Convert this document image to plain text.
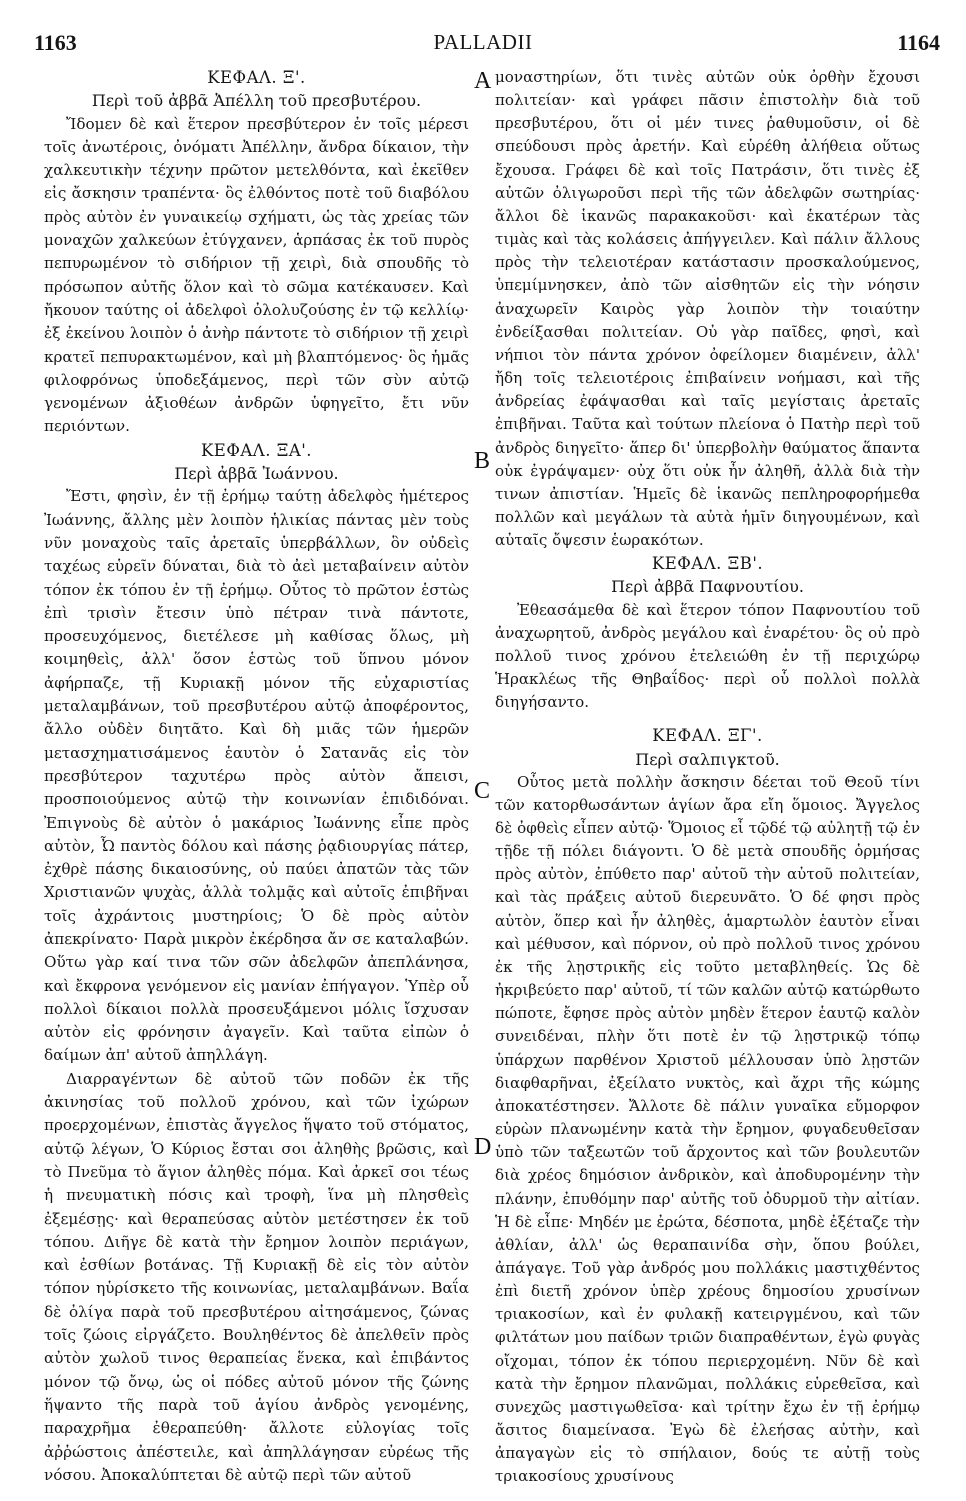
1163	PALLADII	1164
A
B
C
D
ΚΕΦΑΛ. Ξ'.
Περὶ τοῦ ἀββᾶ Ἀπέλλη τοῦ πρεσβυτέρου.

Ἴδομεν δὲ καὶ ἕτερον πρεσβύτερον ἐν τοῖς μέρεσι τοῖς ἀνωτέροις, ὀνόματι Ἀπέλλην, ἄνδρα δίκαιον, τὴν χαλκευτικὴν τέχνην πρῶτον μετελθόντα, καὶ ἐκεῖθεν εἰς ἄσκησιν τραπέντα· ὃς ἐλθόντος ποτὲ τοῦ διαβόλου πρὸς αὐτὸν ἐν γυναικείῳ σχήματι, ὡς τὰς χρείας τῶν μοναχῶν χαλκεύων ἐτύγχανεν, ἁρπάσας ἐκ τοῦ πυρὸς πεπυρωμένον τὸ σιδήριον τῇ χειρὶ, διὰ σπουδῆς τὸ πρόσωπον αὐτῆς ὅλον καὶ τὸ σῶμα κατέκαυσεν. Καὶ ἤκουον ταύτης οἱ ἀδελφοὶ ὀλολυζούσης ἐν τῷ κελλίῳ· ἐξ ἐκείνου λοιπὸν ὁ ἀνὴρ πάντοτε τὸ σιδήριον τῇ χειρὶ κρατεῖ πεπυρακτωμένον, καὶ μὴ βλαπτόμενος· ὃς ἡμᾶς φιλοφρόνως ὑποδεξάμενος, περὶ τῶν σὺν αὐτῷ γενομένων ἀξιοθέων ἀνδρῶν ὑφηγεῖτο, ἔτι νῦν περιόντων.

ΚΕΦΑΛ. ΞΑ'.
Περὶ ἀββᾶ Ἰωάννου.

Ἔστι, φησὶν, ἐν τῇ ἐρήμῳ ταύτῃ ἀδελφὸς ἡμέτερος Ἰωάννης, ἄλλης μὲν λοιπὸν ἡλικίας πάντας μὲν τοὺς νῦν μοναχοὺς ταῖς ἀρεταῖς ὑπερβάλλων, ὃν οὐδεὶς ταχέως εὑρεῖν δύναται, διὰ τὸ ἀεὶ μεταβαίνειν αὐτὸν τόπον ἐκ τόπου ἐν τῇ ἐρήμῳ. Οὗτος τὸ πρῶτον ἑστὼς ἐπὶ τρισὶν ἔτεσιν ὑπὸ πέτραν τινὰ πάντοτε, προσευχόμενος, διετέλεσε μὴ καθίσας ὅλως, μὴ κοιμηθεὶς, ἀλλ' ὅσον ἑστὼς τοῦ ὕπνου μόνον ἀφήρπαζε, τῇ Κυριακῇ μόνον τῆς εὐχαριστίας μεταλαμβάνων, τοῦ πρεσβυτέρου αὐτῷ ἀποφέροντος, ἄλλο οὐδὲν διητᾶτο. Καὶ δὴ μιᾶς τῶν ἡμερῶν μετασχηματισάμενος ἑαυτὸν ὁ Σατανᾶς εἰς τὸν πρεσβύτερον ταχυτέρω πρὸς αὐτὸν ἄπεισι, προσποιούμενος αὐτῷ τὴν κοινωνίαν ἐπιδιδόναι. Ἐπιγνοὺς δὲ αὐτὸν ὁ μακάριος Ἰωάννης εἶπε πρὸς αὐτὸν, Ὦ παντὸς δόλου καὶ πάσης ῥᾳδιουργίας πάτερ, ἐχθρὲ πάσης δικαιοσύνης, οὐ παύει ἀπατῶν τὰς τῶν Χριστιανῶν ψυχὰς, ἀλλὰ τολμᾷς καὶ αὐτοῖς ἐπιβῆναι τοῖς ἀχράντοις μυστηρίοις; Ὁ δὲ πρὸς αὐτὸν ἀπεκρίνατο· Παρὰ μικρὸν ἐκέρδησα ἄν σε καταλαβών. Οὕτω γὰρ καί τινα τῶν σῶν ἀδελφῶν ἀπεπλάνησα, καὶ ἔκφρονα γενόμενον εἰς μανίαν ἐπήγαγον. Ὑπὲρ οὗ πολλοὶ δίκαιοι πολλὰ προσευξάμενοι μόλις ἴσχυσαν αὐτὸν εἰς φρόνησιν ἀγαγεῖν. Καὶ ταῦτα εἰπὼν ὁ δαίμων ἀπ' αὐτοῦ ἀπηλλάγη.

Διαρραγέντων δὲ αὐτοῦ τῶν ποδῶν ἐκ τῆς ἀκινησίας τοῦ πολλοῦ χρόνου, καὶ τῶν ἰχώρων προερχομένων, ἐπιστὰς ἄγγελος ἥψατο τοῦ στόματος, αὐτῷ λέγων, Ὁ Κύριος ἔσται σοι ἀληθὴς βρῶσις, καὶ τὸ Πνεῦμα τὸ ἅγιον ἀληθὲς πόμα. Καὶ ἀρκεῖ σοι τέως ἡ πνευματικὴ πόσις καὶ τροφὴ, ἵνα μὴ πλησθεὶς ἐξεμέσῃς· καὶ θεραπεύσας αὐτὸν μετέστησεν ἐκ τοῦ τόπου. Διῆγε δὲ κατὰ τὴν ἔρημον λοιπὸν περιάγων, καὶ ἐσθίων βοτάνας. Τῇ Κυριακῇ δὲ εἰς τὸν αὐτὸν τόπον ηὑρίσκετο τῆς κοινωνίας, μεταλαμβάνων. Βαΐα δὲ ὀλίγα παρὰ τοῦ πρεσβυτέρου αἰτησάμενος, ζώνας τοῖς ζώοις εἰργάζετο. Βουληθέντος δὲ ἀπελθεῖν πρὸς αὐτὸν χωλοῦ τινος θεραπείας ἕνεκα, καὶ ἐπιβάντος μόνον τῷ ὄνῳ, ὡς οἱ πόδες αὐτοῦ μόνον τῆς ζώνης ἥψαντο τῆς παρὰ τοῦ ἁγίου ἀνδρὸς γενομένης, παραχρῆμα ἐθεραπεύθη· ἄλλοτε εὐλογίας τοῖς ἀῤῥώστοις ἀπέστειλε, καὶ ἀπηλλάγησαν εὐρέως τῆς νόσου. Ἀποκαλύπτεται δὲ αὐτῷ περὶ τῶν αὐτοῦ

μοναστηρίων, ὅτι τινὲς αὐτῶν οὐκ ὀρθὴν ἔχουσι πολιτείαν· καὶ γράφει πᾶσιν ἐπιστολὴν διὰ τοῦ πρεσβυτέρου, ὅτι οἱ μέν τινες ῥαθυμοῦσιν, οἱ δὲ σπεύδουσι πρὸς ἀρετήν. Καὶ εὑρέθη ἀλήθεια οὕτως ἔχουσα. Γράφει δὲ καὶ τοῖς Πατράσιν, ὅτι τινὲς ἐξ αὐτῶν ὀλιγωροῦσι περὶ τῆς τῶν ἀδελφῶν σωτηρίας· ἄλλοι δὲ ἱκανῶς παρακακοῦσι· καὶ ἑκατέρων τὰς τιμὰς καὶ τὰς κολάσεις ἀπήγγειλεν. Καὶ πάλιν ἄλλους πρὸς τὴν τελειοτέραν κατάστασιν προσκαλούμενος, ὑπεμίμνησκεν, ἀπὸ τῶν αἰσθητῶν εἰς τὴν νόησιν ἀναχωρεῖν Καιρὸς γὰρ λοιπὸν τὴν τοιαύτην ἐνδείξασθαι πολιτείαν. Οὐ γὰρ παῖδες, φησὶ, καὶ νήπιοι τὸν πάντα χρόνον ὀφείλομεν διαμένειν, ἀλλ' ἤδη τοῖς τελειοτέροις ἐπιβαίνειν νοήμασι, καὶ τῆς ἀνδρείας ἐφάψασθαι καὶ ταῖς μεγίσταις ἀρεταῖς ἐπιβῆναι. Ταῦτα καὶ τούτων πλείονα ὁ Πατὴρ περὶ τοῦ ἀνδρὸς διηγεῖτο· ἅπερ δι' ὑπερβολὴν θαύματος ἅπαντα οὐκ ἐγράψαμεν· οὐχ ὅτι οὐκ ἦν ἀληθῆ, ἀλλὰ διὰ τὴν τινων ἀπιστίαν. Ἡμεῖς δὲ ἱκανῶς πεπληροφορήμεθα πολλῶν καὶ μεγάλων τὰ αὐτὰ ἡμῖν διηγουμένων, καὶ αὐταῖς ὄψεσιν ἑωρακότων.

ΚΕΦΑΛ. ΞΒ'.
Περὶ ἀββᾶ Παφνουτίου.

Ἐθεασάμεθα δὲ καὶ ἕτερον τόπον Παφνουτίου τοῦ ἀναχωρητοῦ, ἀνδρὸς μεγάλου καὶ ἐναρέτου· ὃς οὐ πρὸ πολλοῦ τινος χρόνου ἐτελειώθη ἐν τῇ περιχώρῳ Ἡρακλέως τῆς Θηβαΐδος· περὶ οὗ πολλοὶ πολλὰ διηγήσαντο.

ΚΕΦΑΛ. ΞΓ'.
Περὶ σαλπιγκτοῦ.

Οὗτος μετὰ πολλὴν ἄσκησιν δέεται τοῦ Θεοῦ τίνι τῶν κατορθωσάντων ἁγίων ἄρα εἴη ὅμοιος. Ἄγγελος δὲ ὀφθεὶς εἶπεν αὐτῷ· Ὅμοιος εἶ τῷδέ τῷ αὐλητῇ τῷ ἐν τῇδε τῇ πόλει διάγοντι. Ὁ δὲ μετὰ σπουδῆς ὁρμήσας πρὸς αὐτὸν, ἐπύθετο παρ' αὐτοῦ τὴν αὐτοῦ πολιτείαν, καὶ τὰς πράξεις αὐτοῦ διερευνᾶτο. Ὁ δέ φησι πρὸς αὐτὸν, ὅπερ καὶ ἦν ἀληθὲς, ἁμαρτωλὸν ἑαυτὸν εἶναι καὶ μέθυσον, καὶ πόρνον, οὐ πρὸ πολλοῦ τινος χρόνου ἐκ τῆς λῃστρικῆς εἰς τοῦτο μεταβληθείς. Ὡς δὲ ἠκριβεύετο παρ' αὐτοῦ, τί τῶν καλῶν αὐτῷ κατώρθωτο πώποτε, ἔφησε πρὸς αὐτὸν μηδὲν ἕτερον ἑαυτῷ καλὸν συνειδέναι, πλὴν ὅτι ποτὲ ἐν τῷ λῃστρικῷ τόπῳ ὑπάρχων παρθένον Χριστοῦ μέλλουσαν ὑπὸ λῃστῶν διαφθαρῆναι, ἐξείλατο νυκτὸς, καὶ ἄχρι τῆς κώμης ἀποκατέστησεν. Ἄλλοτε δὲ πάλιν γυναῖκα εὔμορφον εὑρὼν πλανωμένην κατὰ τὴν ἔρημον, φυγαδευθεῖσαν ὑπὸ τῶν ταξεωτῶν τοῦ ἄρχοντος καὶ τῶν βουλευτῶν διὰ χρέος δημόσιον ἀνδρικὸν, καὶ ἀποδυρομένην τὴν πλάνην, ἐπυθόμην παρ' αὐτῆς τοῦ ὀδυρμοῦ τὴν αἰτίαν. Ἡ δὲ εἶπε· Μηδέν με ἐρώτα, δέσποτα, μηδὲ ἐξέταζε τὴν ἀθλίαν, ἀλλ' ὡς θεραπαινίδα σὴν, ὅπου βούλει, ἀπάγαγε. Τοῦ γὰρ ἀνδρός μου πολλάκις μαστιχθέντος ἐπὶ διετῆ χρόνον ὑπὲρ χρέους δημοσίου χρυσίνων τριακοσίων, καὶ ἐν φυλακῇ κατειργμένου, καὶ τῶν φιλτάτων μου παίδων τριῶν διαπραθέντων, ἐγὼ φυγὰς οἴχομαι, τόπον ἐκ τόπου περιερχομένη. Νῦν δὲ καὶ κατὰ τὴν ἔρημον πλανῶμαι, πολλάκις εὑρεθεῖσα, καὶ συνεχῶς μαστιγωθεῖσα· καὶ τρίτην ἔχω ἐν τῇ ἐρήμῳ ἄσιτος διαμείνασα. Ἐγὼ δὲ ἐλεήσας αὐτὴν, καὶ ἀπαγαγὼν εἰς τὸ σπήλαιον, δούς τε αὐτῇ τοὺς τριακοσίους χρυσίνους
